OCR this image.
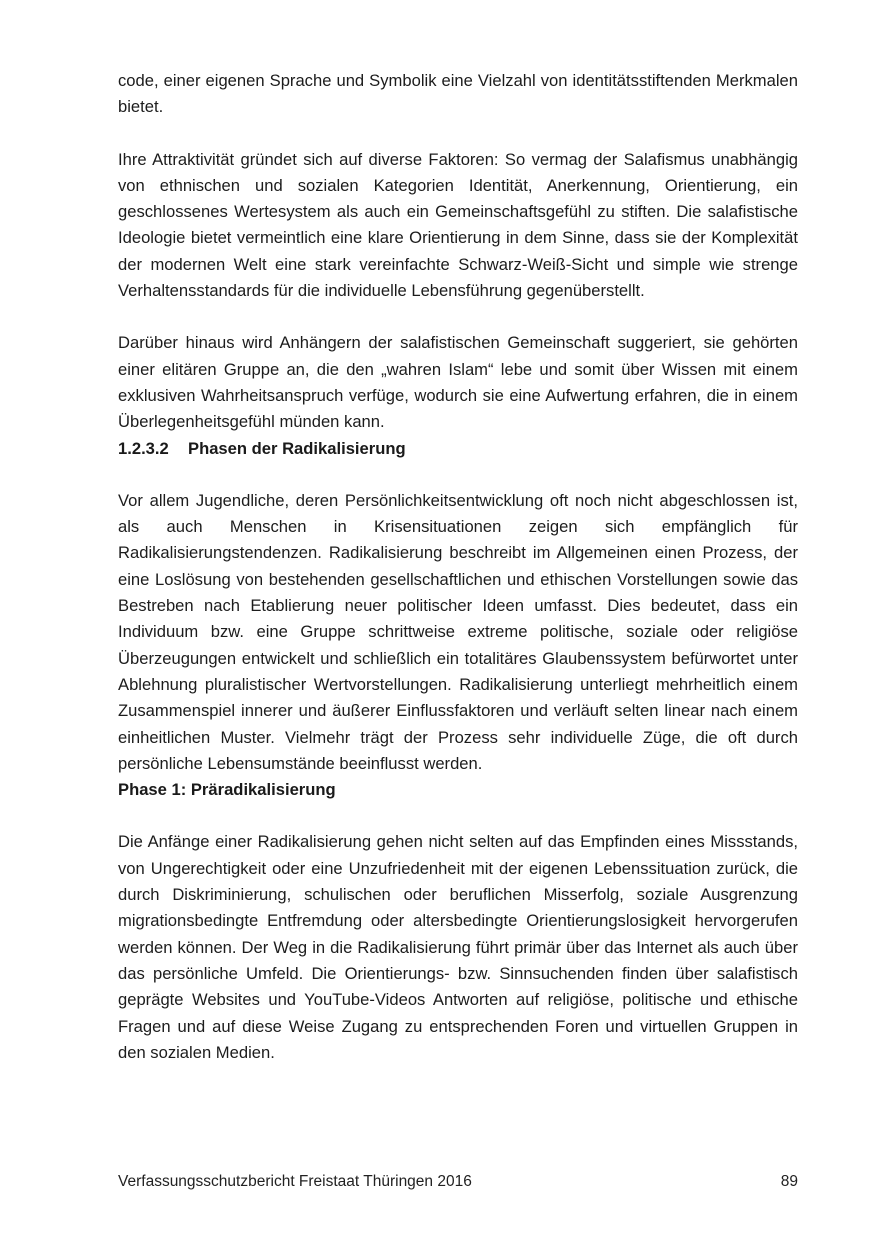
code, einer eigenen Sprache und Symbolik eine Vielzahl von identitätsstiftenden Merkmalen bietet.

Ihre Attraktivität gründet sich auf diverse Faktoren: So vermag der Salafismus unabhängig von ethnischen und sozialen Kategorien Identität, Anerkennung, Orientierung, ein geschlossenes Wertesystem als auch ein Gemeinschaftsgefühl zu stiften. Die salafistische Ideologie bietet vermeintlich eine klare Orientierung in dem Sinne, dass sie der Komplexität der modernen Welt eine stark vereinfachte Schwarz-Weiß-Sicht und simple wie strenge Verhaltensstandards für die individuelle Lebensführung gegenüberstellt.

Darüber hinaus wird Anhängern der salafistischen Gemeinschaft suggeriert, sie gehörten einer elitären Gruppe an, die den „wahren Islam“ lebe und somit über Wissen mit einem exklusiven Wahrheitsanspruch verfüge, wodurch sie eine Aufwertung erfahren, die in einem Überlegenheitsgefühl münden kann.

1.2.3.2 Phasen der Radikalisierung

Vor allem Jugendliche, deren Persönlichkeitsentwicklung oft noch nicht abgeschlossen ist, als auch Menschen in Krisensituationen zeigen sich empfänglich für Radikalisierungstendenzen. Radikalisierung beschreibt im Allgemeinen einen Prozess, der eine Loslösung von bestehenden gesellschaftlichen und ethischen Vorstellungen sowie das Bestreben nach Etablierung neuer politischer Ideen umfasst. Dies bedeutet, dass ein Individuum bzw. eine Gruppe schrittweise extreme politische, soziale oder religiöse Überzeugungen entwickelt und schließlich ein totalitäres Glaubenssystem befürwortet unter Ablehnung pluralistischer Wertvorstellungen. Radikalisierung unterliegt mehrheitlich einem Zusammenspiel innerer und äußerer Einflussfaktoren und verläuft selten linear nach einem einheitlichen Muster. Vielmehr trägt der Prozess sehr individuelle Züge, die oft durch persönliche Lebensumstände beeinflusst werden.

Phase 1: Präradikalisierung

Die Anfänge einer Radikalisierung gehen nicht selten auf das Empfinden eines Missstands, von Ungerechtigkeit oder eine Unzufriedenheit mit der eigenen Lebenssituation zurück, die durch Diskriminierung, schulischen oder beruflichen Misserfolg, soziale Ausgrenzung migrationsbedingte Entfremdung oder altersbedingte Orientierungslosigkeit hervorgerufen werden können. Der Weg in die Radikalisierung führt primär über das Internet als auch über das persönliche Umfeld. Die Orientierungs- bzw. Sinnsuchenden finden über salafistisch geprägte Websites und YouTube-Videos Antworten auf religiöse, politische und ethische Fragen und auf diese Weise Zugang zu entsprechenden Foren und virtuellen Gruppen in den sozialen Medien.

Verfassungsschutzbericht Freistaat Thüringen 2016	89
